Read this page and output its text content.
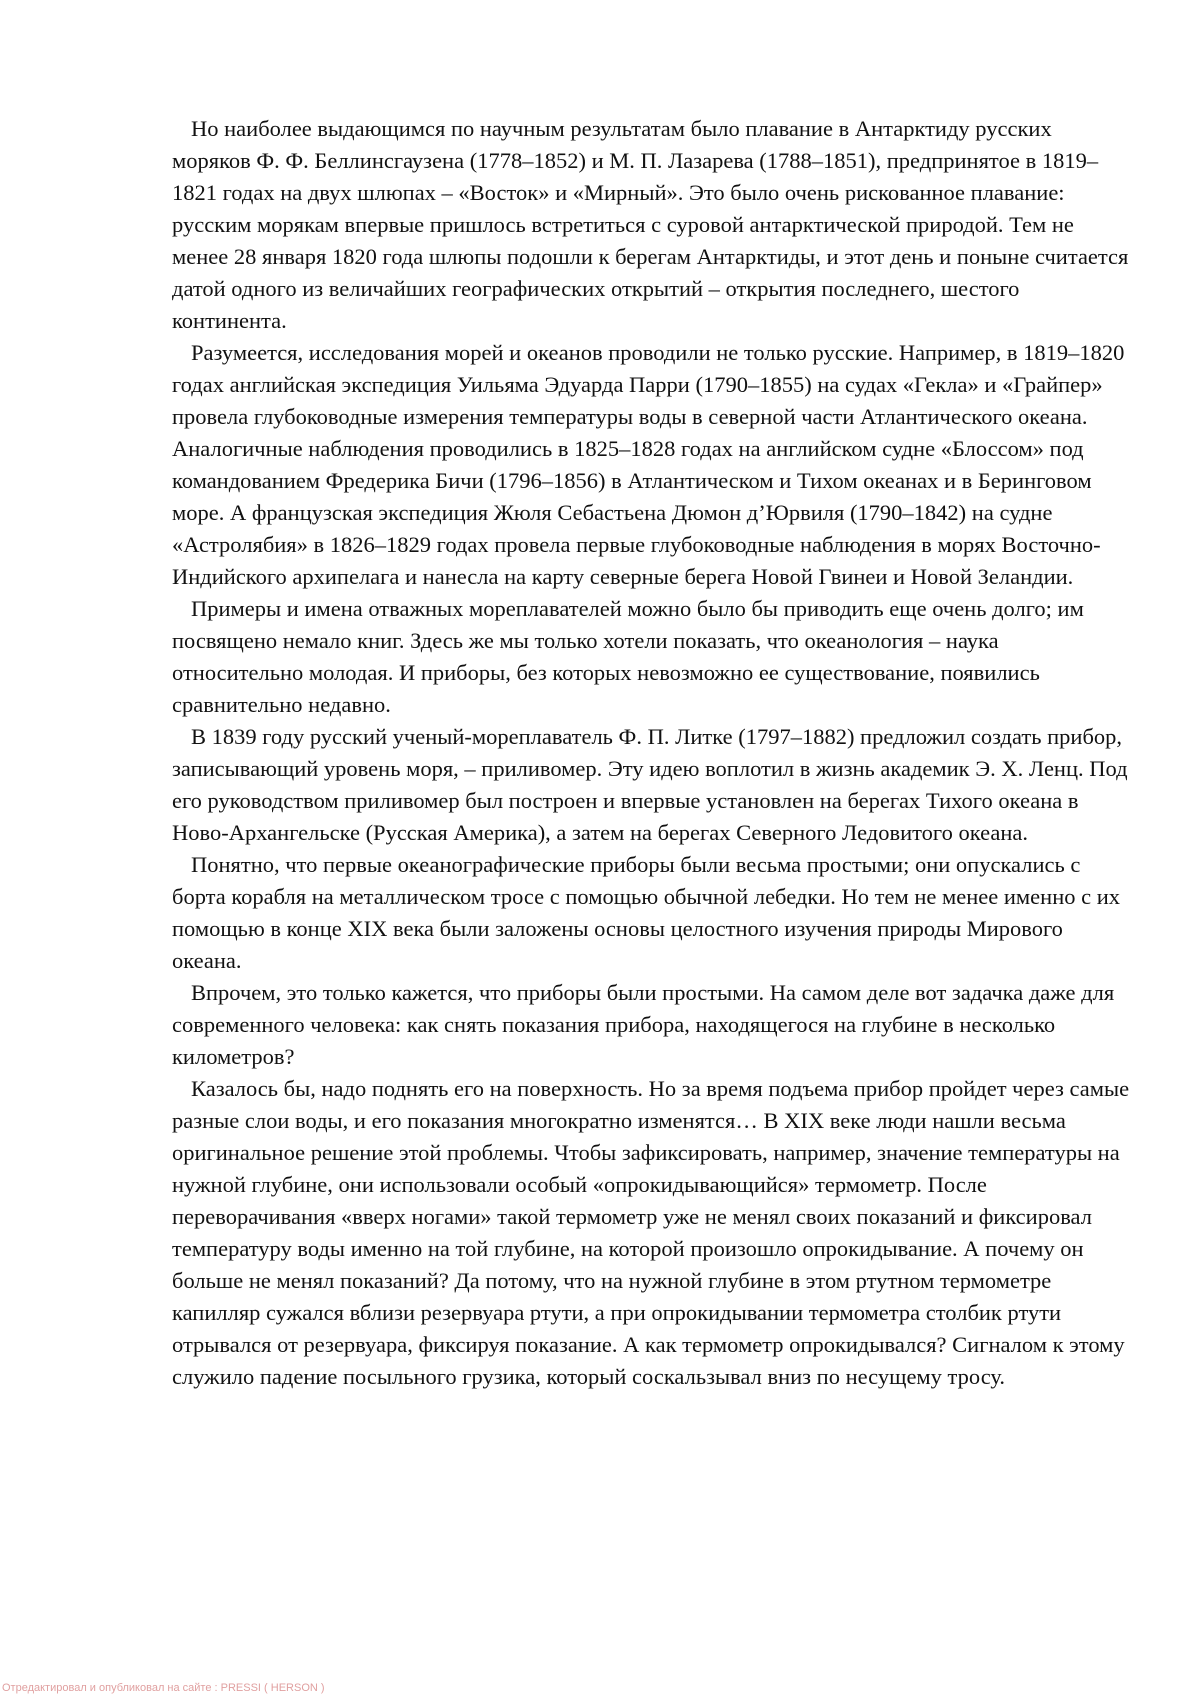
Но наиболее выдающимся по научным результатам было плавание в Антарктиду русских моряков Ф. Ф. Беллинсгаузена (1778–1852) и М. П. Лазарева (1788–1851), предпринятое в 1819–1821 годах на двух шлюпах – «Восток» и «Мирный». Это было очень рискованное плавание: русским морякам впервые пришлось встретиться с суровой антарктической природой. Тем не менее 28 января 1820 года шлюпы подошли к берегам Антарктиды, и этот день и поныне считается датой одного из величайших географических открытий – открытия последнего, шестого континента.

Разумеется, исследования морей и океанов проводили не только русские. Например, в 1819–1820 годах английская экспедиция Уильяма Эдуарда Парри (1790–1855) на судах «Гекла» и «Грайпер» провела глубоководные измерения температуры воды в северной части Атлантического океана. Аналогичные наблюдения проводились в 1825–1828 годах на английском судне «Блоссом» под командованием Фредерика Бичи (1796–1856) в Атлантическом и Тихом океанах и в Беринговом море. А французская экспедиция Жюля Себастьена Дюмон д’Юрвиля (1790–1842) на судне «Астролябия» в 1826–1829 годах провела первые глубоководные наблюдения в морях Восточно-Индийского архипелага и нанесла на карту северные берега Новой Гвинеи и Новой Зеландии.

Примеры и имена отважных мореплавателей можно было бы приводить еще очень долго; им посвящено немало книг. Здесь же мы только хотели показать, что океанология – наука относительно молодая. И приборы, без которых невозможно ее существование, появились сравнительно недавно.

В 1839 году русский ученый-мореплаватель Ф. П. Литке (1797–1882) предложил создать прибор, записывающий уровень моря, – приливомер. Эту идею воплотил в жизнь академик Э. Х. Ленц. Под его руководством приливомер был построен и впервые установлен на берегах Тихого океана в Ново-Архангельске (Русская Америка), а затем на берегах Северного Ледовитого океана.

Понятно, что первые океанографические приборы были весьма простыми; они опускались с борта корабля на металлическом тросе с помощью обычной лебедки. Но тем не менее именно с их помощью в конце XIX века были заложены основы целостного изучения природы Мирового океана.

Впрочем, это только кажется, что приборы были простыми. На самом деле вот задачка даже для современного человека: как снять показания прибора, находящегося на глубине в несколько километров?

Казалось бы, надо поднять его на поверхность. Но за время подъема прибор пройдет через самые разные слои воды, и его показания многократно изменятся… В XIX веке люди нашли весьма оригинальное решение этой проблемы. Чтобы зафиксировать, например, значение температуры на нужной глубине, они использовали особый «опрокидывающийся» термометр. После переворачивания «вверх ногами» такой термометр уже не менял своих показаний и фиксировал температуру воды именно на той глубине, на которой произошло опрокидывание. А почему он больше не менял показаний? Да потому, что на нужной глубине в этом ртутном термометре капилляр сужался вблизи резервуара ртути, а при опрокидывании термометра столбик ртути отрывался от резервуара, фиксируя показание. А как термометр опрокидывался? Сигналом к этому служило падение посыльного грузика, который соскальзывал вниз по несущему тросу.

Отредактировал и опубликовал на сайте : PRESSI ( HERSON )
